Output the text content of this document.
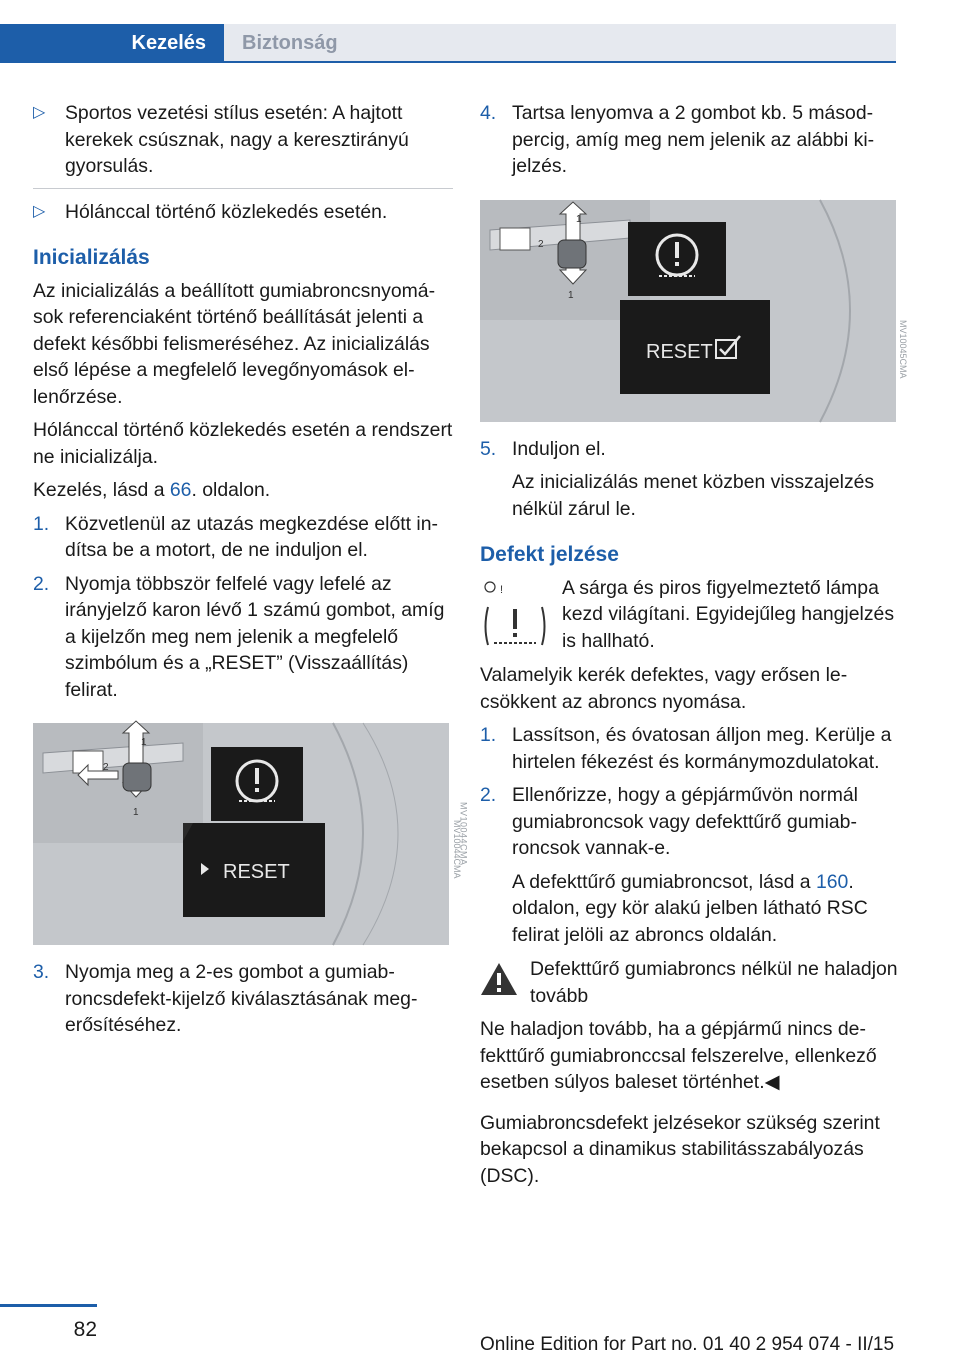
Kezelés	Biztonság
▷ Sportos vezetési stílus esetén: A hajtott kerekek csúsznak, nagy a keresztirányú gyorsulás.
▷ Hólánccal történő közlekedés esetén.
Inicializálás

Az inicializálás a beállított gumiabroncsnyomások referenciaként történő beállítását jelenti a defekt későbbi felismeréséhez. Az inicializálás első lépése a megfelelő levegőnyomások ellenőrzése.

Hólánccal történő közlekedés esetén a rendszert ne inicializálja.

Kezelés, lásd a 66. oldalon.

1. Közvetlenül az utazás megkezdése előtt indítsa be a motort, de ne induljon el.
2. Nyomja többször felfelé vagy lefelé az irányjelző karon lévő 1 számú gombot, amíg a kijelzőn meg nem jelenik a megfelelő szimbólum és a „RESET” (Visszaállítás) felirat.
1
2
1
RESET
MV10044CMA
3. Nyomja meg a 2-es gombot a gumiabroncsdefekt-kijelző kiválasztásának megerősítéséhez.
MV10044CMA
MV10045CMA
4. Tartsa lenyomva a 2 gombot kb. 5 másodpercig, amíg meg nem jelenik az alábbi kijelzés.
1
2
1
RESET
5. Induljon el.
Az inicializálás menet közben visszajelzés nélkül zárul le.
Defekt jelzése
!	A sárga és piros figyelmeztető lámpa kezd világítani. Egyidejűleg hangjelzés is hallható.

Valamelyik kerék defektes, vagy erősen lecsökkent az abroncs nyomása.

1. Lassítson, és óvatosan álljon meg. Kerülje a hirtelen fékezést és kormánymozdulatokat.
2. Ellenőrizze, hogy a gépjárművön normál gumiabroncsok vagy defekttűrő gumiabroncsok vannak-e.
A defekttűrő gumiabroncsot, lásd a 160. oldalon, egy kör alakú jelben látható RSC felirat jelöli az abroncs oldalán.
Defekttűrő gumiabroncs nélkül ne haladjon tovább

Ne haladjon tovább, ha a gépjármű nincs defekttűrő gumiabronccsal felszerelve, ellenkező esetben súlyos baleset történhet.◀

Gumiabroncsdefekt jelzésekor szükség szerint bekapcsol a dinamikus stabilitásszabályozás (DSC).

82
Online Edition for Part no. 01 40 2 954 074 - II/15
